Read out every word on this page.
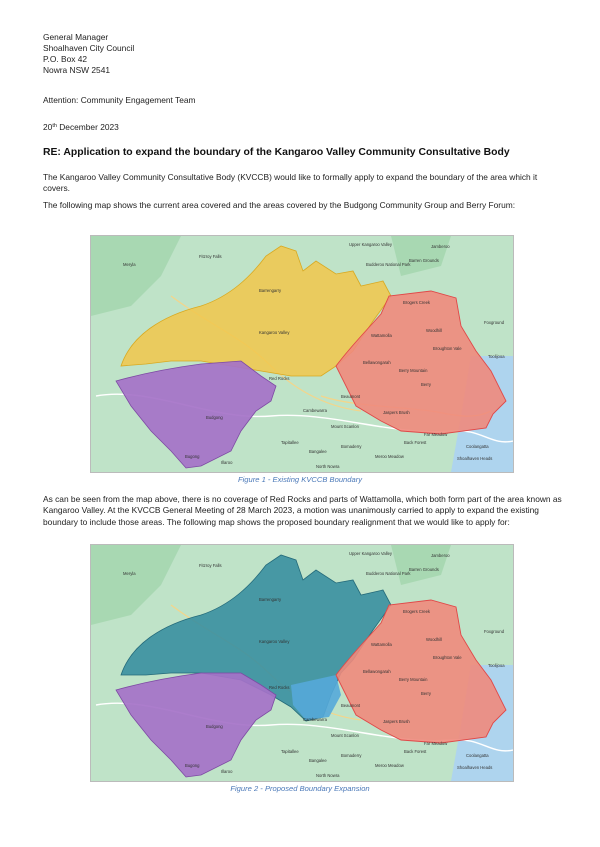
General Manager
Shoalhaven City Council
P.O. Box 42
Nowra NSW 2541
Attention: Community Engagement Team
20th December 2023
RE: Application to expand the boundary of the Kangaroo Valley Community Consultative Body
The Kangaroo Valley Community Consultative Body (KVCCB) would like to formally apply to expand the boundary of the area which it covers.
The following map shows the current area covered and the areas covered by the Budgong Community Group and Berry Forum:
Upper Kangaroo Valley
Budderoo National Park
Jamberoo
Barren Grounds
Meryla
Fitzroy Falls
Barrengarry
Kangaroo Valley
Brogers Creek
Woodhill
Broughton Vale
Foxground
Wattamolla
Bellawongarah
Berry Mountain
Berry
Red Rocks
Budgong
Beaumont
Cambewarra	Jaspers Brush
Toolijooa
Bugong
Tapitallee
Mount Scanlon
Back Forest
Far Meadow
Coolangatta
Bangalee
Bomaderry
Shoalhaven Heads
Illaroo
North Nowra
Meroo Meadow
Figure 1 - Existing KVCCB Boundary
As can be seen from the map above, there is no coverage of Red Rocks and parts of Wattamolla, which both form part of the area known as Kangaroo Valley. At the KVCCB General Meeting of 28 March 2023, a motion was unanimously carried to apply to expand the existing boundary to include those areas. The following map shows the proposed boundary realignment that we would like to apply for:
Upper Kangaroo Valley
Budderoo National Park
Jamberoo
Barren Grounds
Meryla
Fitzroy Falls
Barrengarry
Kangaroo Valley
Brogers Creek
Woodhill
Broughton Vale
Foxground
Wattamolla
Bellawongarah
Berry Mountain
Berry
Red Rocks
Budgong
Beaumont
Cambewarra	Jaspers Brush
Toolijooa
Bugong
Tapitallee
Mount Scanlon
Back Forest
Far Meadow
Coolangatta
Bangalee
Bomaderry
Shoalhaven Heads
Illaroo
North Nowra
Meroo Meadow
Figure 2 - Proposed Boundary Expansion
